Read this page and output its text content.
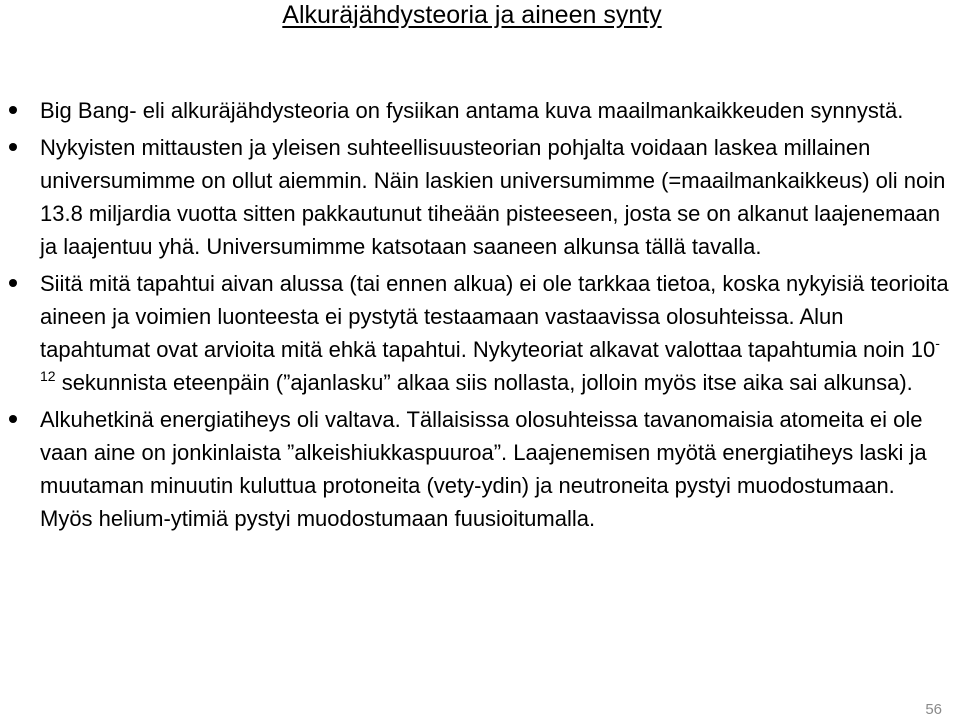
Alkuräjähdysteoria ja aineen synty
Big Bang- eli alkuräjähdysteoria on fysiikan antama kuva maailmankaikkeuden synnystä.
Nykyisten mittausten ja yleisen suhteellisuusteorian pohjalta voidaan laskea millainen universumimme on ollut aiemmin. Näin laskien universumimme (=maailmankaikkeus) oli noin 13.8 miljardia vuotta sitten pakkautunut tiheään pisteeseen, josta se on alkanut laajenemaan ja laajentuu yhä. Universumimme katsotaan saaneen alkunsa tällä tavalla.
Siitä mitä tapahtui aivan alussa (tai ennen alkua) ei ole tarkkaa tietoa, koska nykyisiä teorioita aineen ja voimien luonteesta ei pystytä testaamaan vastaavissa olosuhteissa. Alun tapahtumat ovat arvioita mitä ehkä tapahtui. Nykyteoriat alkavat valottaa tapahtumia noin $10^{-12}$ sekunnista eteenpäin (”ajanlasku” alkaa siis nollasta, jolloin myös itse aika sai alkunsa).
Alkuhetkinä energiatiheys oli valtava. Tällaisissa olosuhteissa tavanomaisia atomeita ei ole vaan aine on jonkinlaista ”alkeishiukkaspuuroa”. Laajenemisen myötä energiatiheys laski ja muutaman minuutin kuluttua protoneita (vety-ydin) ja neutroneita pystyi muodostumaan. Myös helium-ytimiä pystyi muodostumaan fuusioitumalla.
56
